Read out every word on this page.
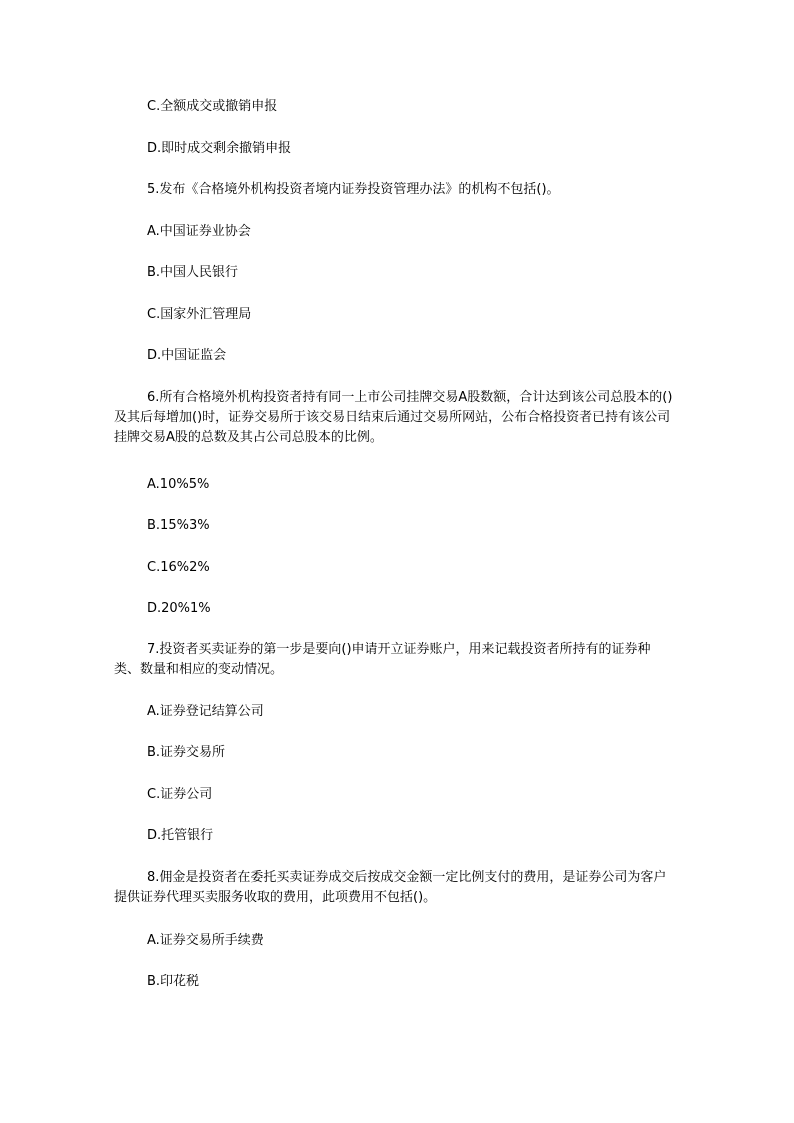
C.全额成交或撤销申报
D.即时成交剩余撤销申报
5.发布《合格境外机构投资者境内证券投资管理办法》的机构不包括()。
A.中国证券业协会
B.中国人民银行
C.国家外汇管理局
D.中国证监会
6.所有合格境外机构投资者持有同一上市公司挂牌交易A股数额，合计达到该公司总股本的()及其后每增加()时，证券交易所于该交易日结束后通过交易所网站，公布合格投资者已持有该公司挂牌交易A股的总数及其占公司总股本的比例。
A.10%5%
B.15%3%
C.16%2%
D.20%1%
7.投资者买卖证券的第一步是要向()申请开立证券账户，用来记载投资者所持有的证券种类、数量和相应的变动情况。
A.证券登记结算公司
B.证券交易所
C.证券公司
D.托管银行
8.佣金是投资者在委托买卖证券成交后按成交金额一定比例支付的费用，是证券公司为客户提供证券代理买卖服务收取的费用，此项费用不包括()。
A.证券交易所手续费
B.印花税
